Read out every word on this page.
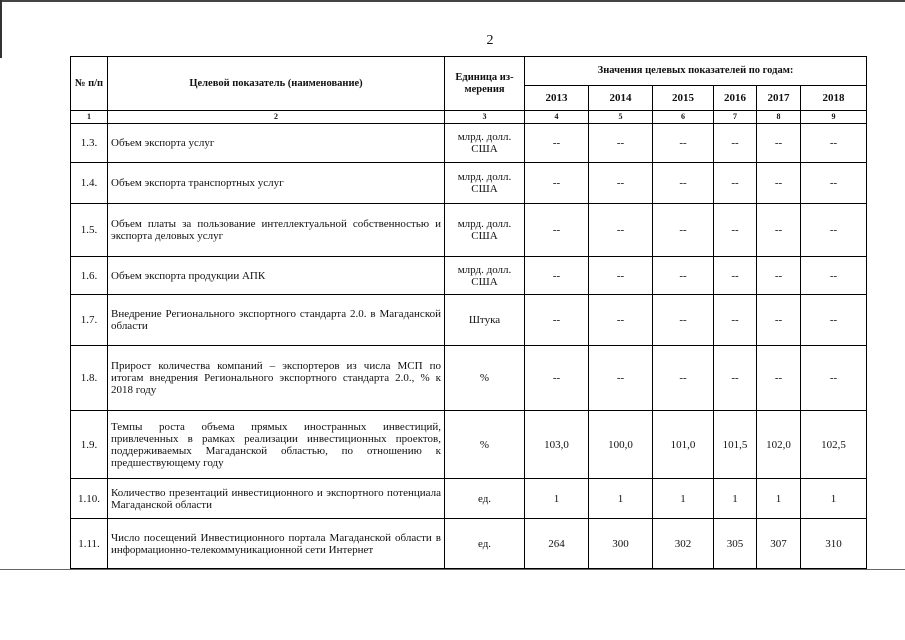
2
№ п/п	Целевой показатель (наименование)	Единица из-мерения	Значения целевых показателей по годам:					
			2013	2014	2015	2016	2017	2018
1	2	3	4	5	6	7	8	9
1.3.	Объем экспорта услуг	млрд. долл. США	--	--	--	--	--	--
1.4.	Объем экспорта транспортных услуг	млрд. долл. США	--	--	--	--	--	--
1.5.	Объем платы за пользование интеллектуальной собственностью и экспорта деловых услуг	млрд. долл. США	--	--	--	--	--	--
1.6.	Объем экспорта продукции АПК	млрд. долл. США	--	--	--	--	--	--
1.7.	Внедрение Регионального экспортного стандарта 2.0. в Магаданской области	Штука	--	--	--	--	--	--
1.8.	Прирост количества компаний – экспортеров из числа МСП по итогам внедрения Регионального экспортного стандарта 2.0., % к 2018 году	%	--	--	--	--	--	--
1.9.	Темпы роста объема прямых иностранных инвестиций, привлеченных в рамках реализации инвестиционных проектов, поддерживаемых Магаданской областью, по отношению к предшествующему году	%	103,0	100,0	101,0	101,5	102,0	102,5
1.10.	Количество презентаций инвестиционного и экспортного потенциала Магаданской области	ед.	1	1	1	1	1	1
1.11.	Число посещений Инвестиционного портала Магаданской области в информационно-телекоммуникационной сети Интернет	ед.	264	300	302	305	307	310
